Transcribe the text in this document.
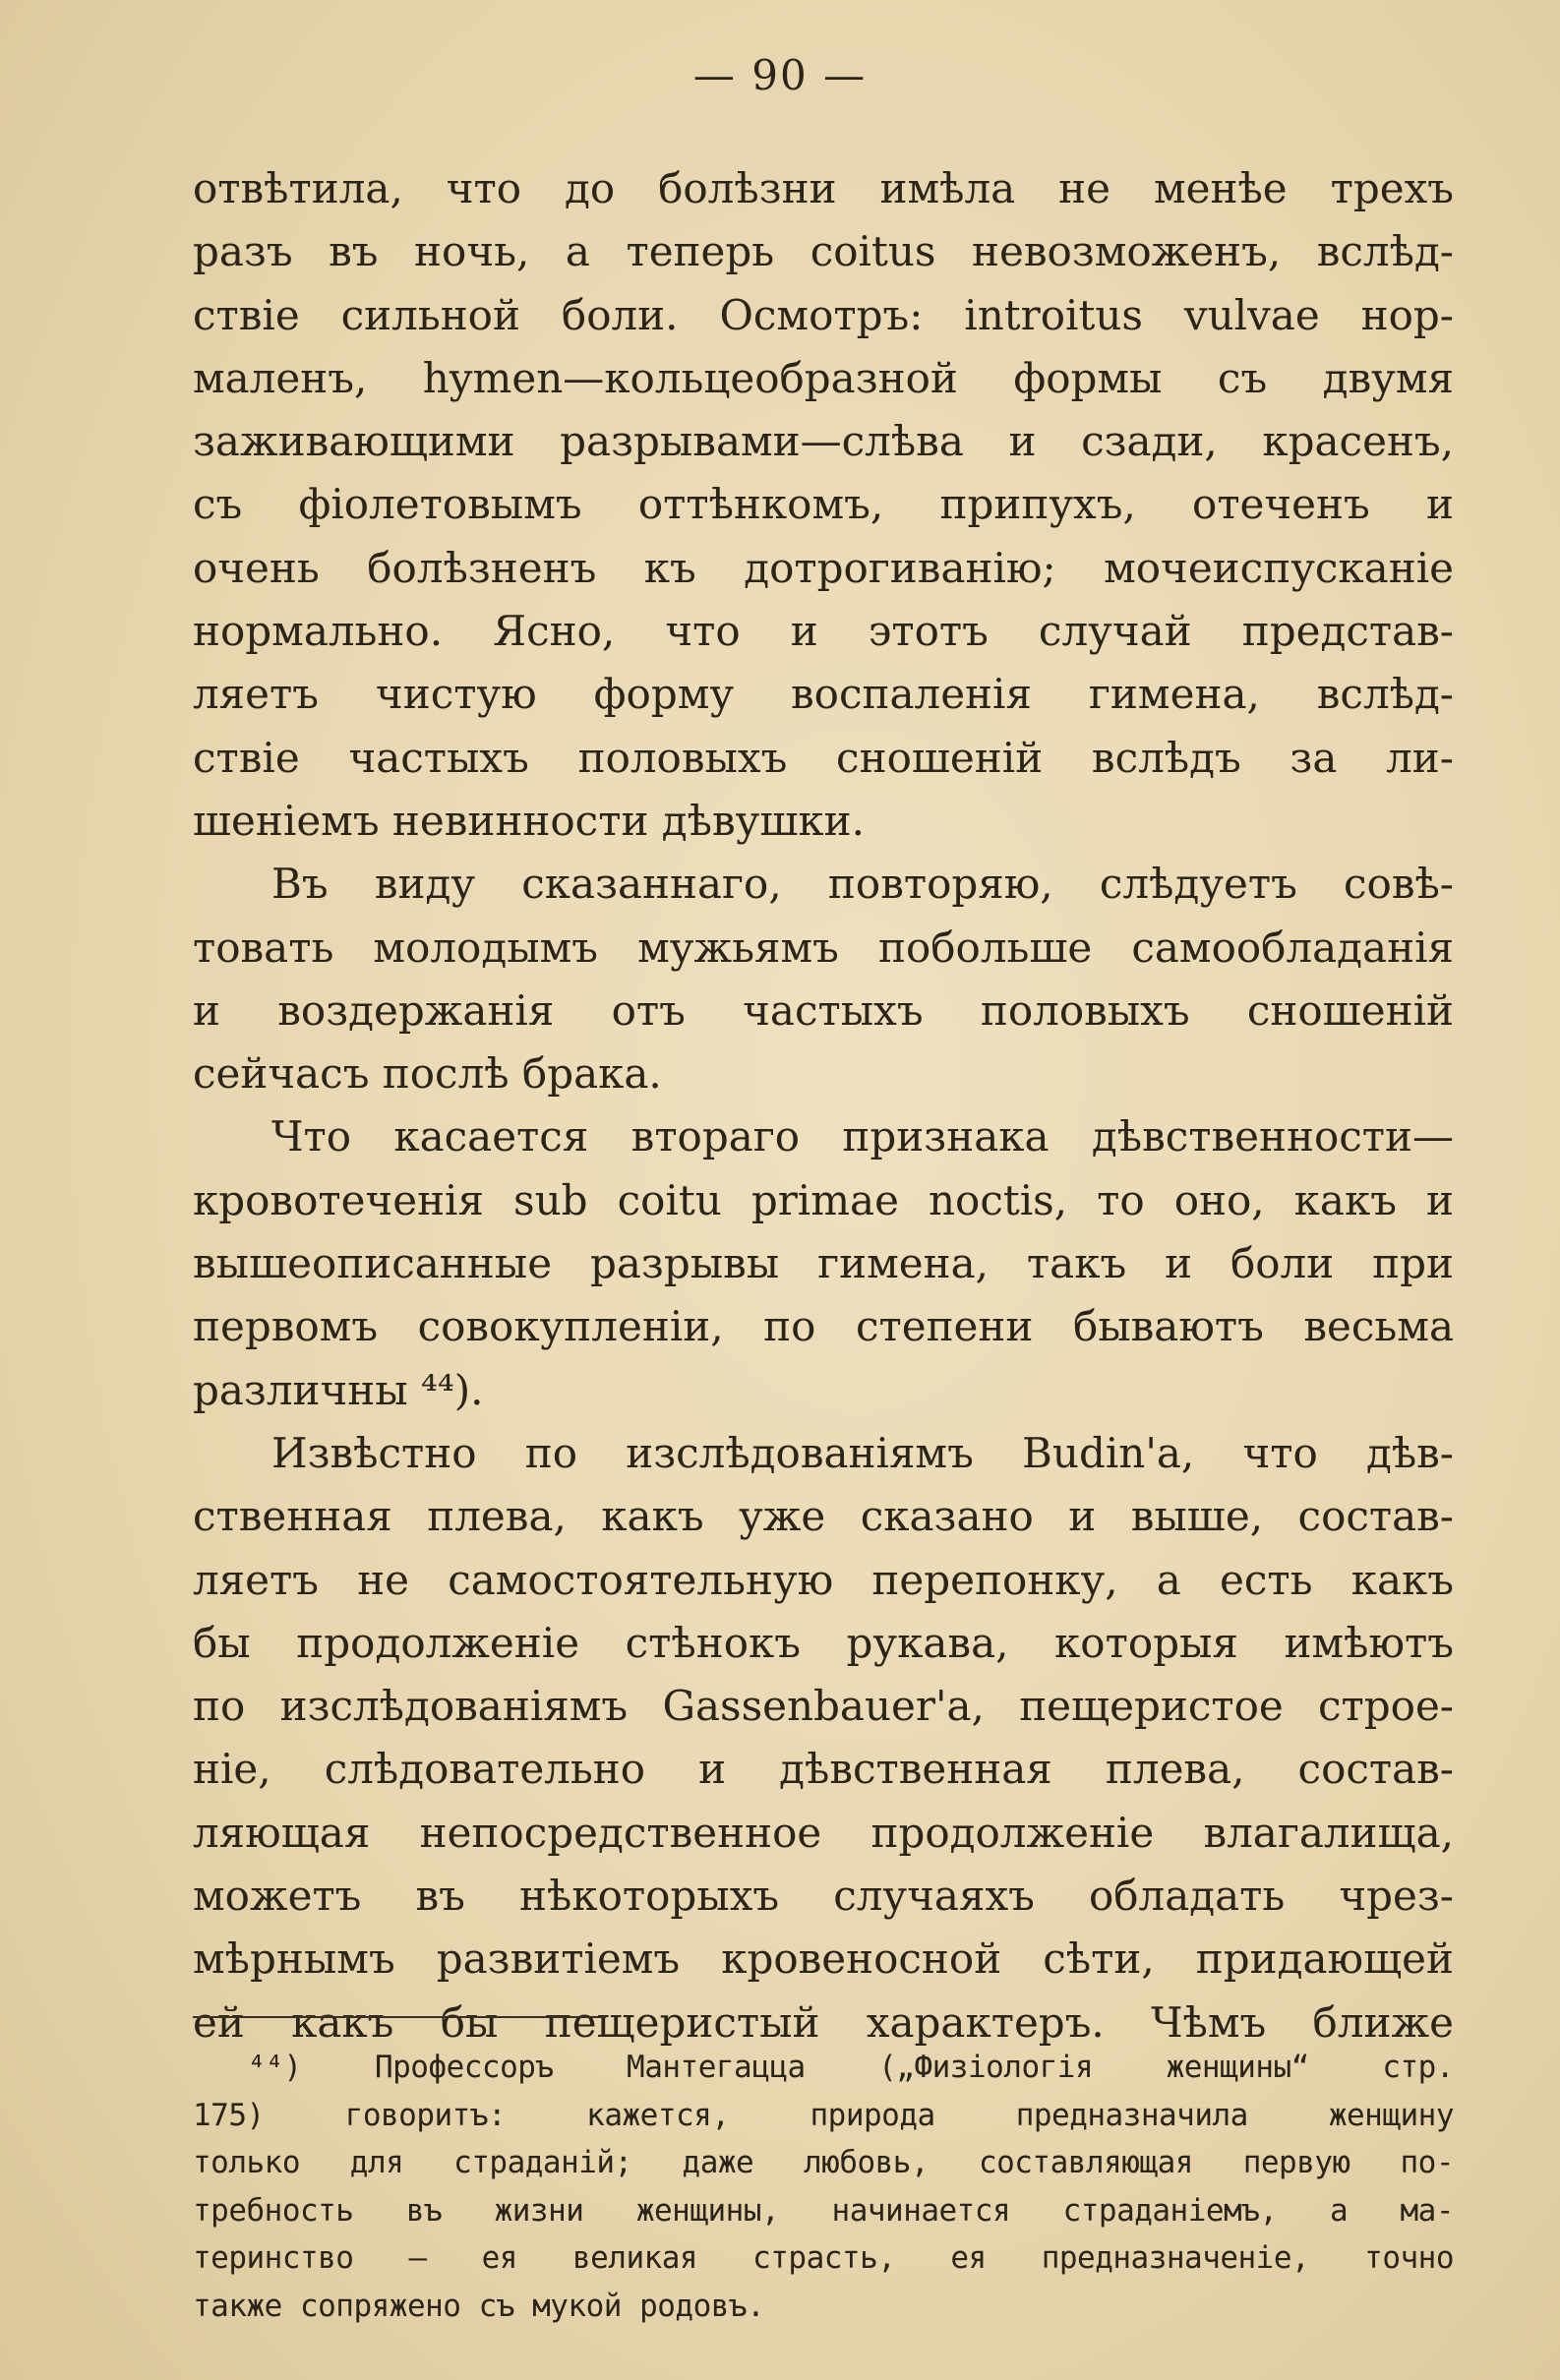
— 90 —
отвѣтила, что до болѣзни имѣла не менѣе трехъ
разъ въ ночь, а теперь coitus невозможенъ, вслѣд-
ствіе сильной боли. Осмотръ: introitus vulvae нор-
маленъ, hymen—кольцеобразной формы съ двумя
заживающими разрывами—слѣва и сзади, красенъ,
съ фіолетовымъ оттѣнкомъ, припухъ, отеченъ и
очень болѣзненъ къ дотрогиванію; мочеиспусканіе
нормально. Ясно, что и этотъ случай представ-
ляетъ чистую форму воспаленія гимена, вслѣд-
ствіе частыхъ половыхъ сношеній вслѣдъ за ли-
шеніемъ невинности дѣвушки.
Въ виду сказаннаго, повторяю, слѣдуетъ совѣ-
товать молодымъ мужьямъ побольше самообладанія
и воздержанія отъ частыхъ половыхъ сношеній
сейчасъ послѣ брака.
Что касается втораго признака дѣвственности—
кровотеченія sub coitu primae noctis, то оно, какъ и
вышеописанные разрывы гимена, такъ и боли при
первомъ совокупленіи, по степени бываютъ весьма
различны ⁴⁴).
Извѣстно по изслѣдованіямъ Budin'a, что дѣв-
ственная плева, какъ уже сказано и выше, состав-
ляетъ не самостоятельную перепонку, а есть какъ
бы продолженіе стѣнокъ рукава, которыя имѣютъ
по изслѣдованіямъ Gassenbauer'a, пещеристое строе-
ніе, слѣдовательно и дѣвственная плева, состав-
ляющая непосредственное продолженіе влагалища,
можетъ въ нѣкоторыхъ случаяхъ обладать чрез-
мѣрнымъ развитіемъ кровеносной сѣти, придающей
ей какъ бы пещеристый характеръ. Чѣмъ ближе
⁴⁴) Профессоръ Мантегацца („Физіологія женщины“ стр.
175) говоритъ: кажется, природа предназначила женщину
только для страданій; даже любовь, составляющая первую по-
требность въ жизни женщины, начинается страданіемъ, а ма-
теринство — ея великая страсть, ея предназначеніе, точно
также сопряжено съ мукой родовъ.
